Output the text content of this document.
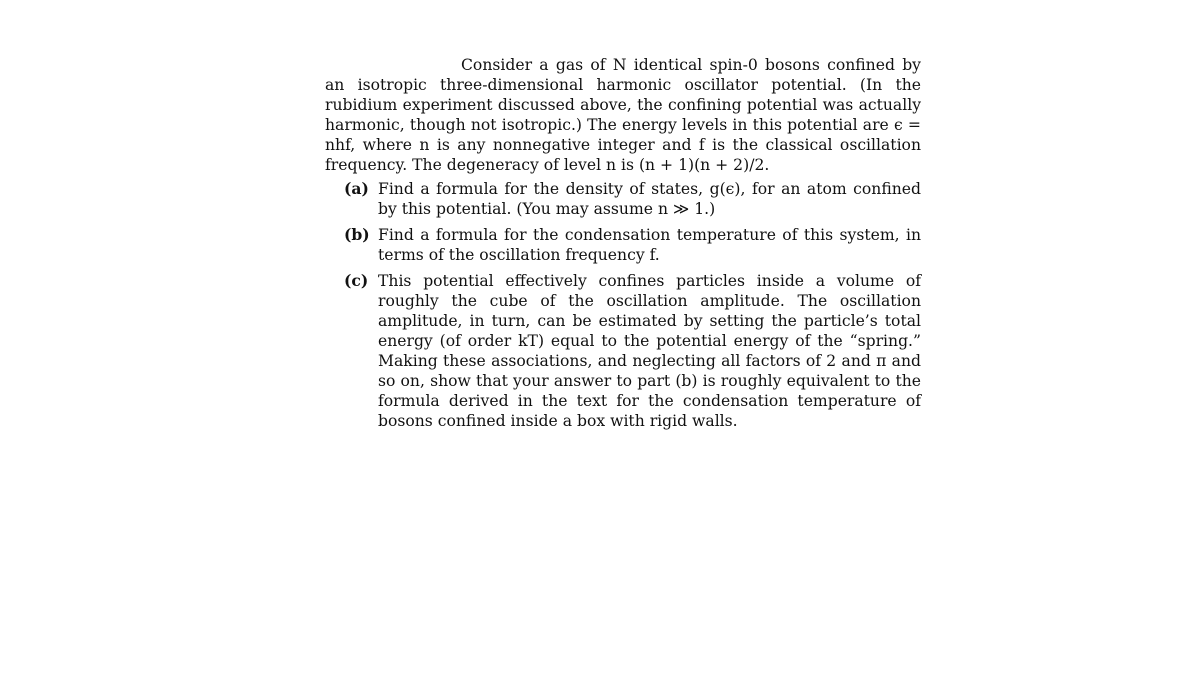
Consider a gas of N identical spin-0 bosons confined by an isotropic three-dimensional harmonic oscillator potential. (In the rubidium experiment discussed above, the confining potential was actually harmonic, though not isotropic.) The energy levels in this potential are ϵ = nhf, where n is any nonnegative integer and f is the classical oscillation frequency. The degeneracy of level n is (n + 1)(n + 2)/2.

(a) Find a formula for the density of states, g(ϵ), for an atom confined by this potential. (You may assume n ≫ 1.)
(b) Find a formula for the condensation temperature of this system, in terms of the oscillation frequency f.
(c) This potential effectively confines particles inside a volume of roughly the cube of the oscillation amplitude. The oscillation amplitude, in turn, can be estimated by setting the particle’s total energy (of order kT) equal to the potential energy of the “spring.” Making these associations, and neglecting all factors of 2 and π and so on, show that your answer to part (b) is roughly equivalent to the formula derived in the text for the condensation temperature of bosons confined inside a box with rigid walls.
